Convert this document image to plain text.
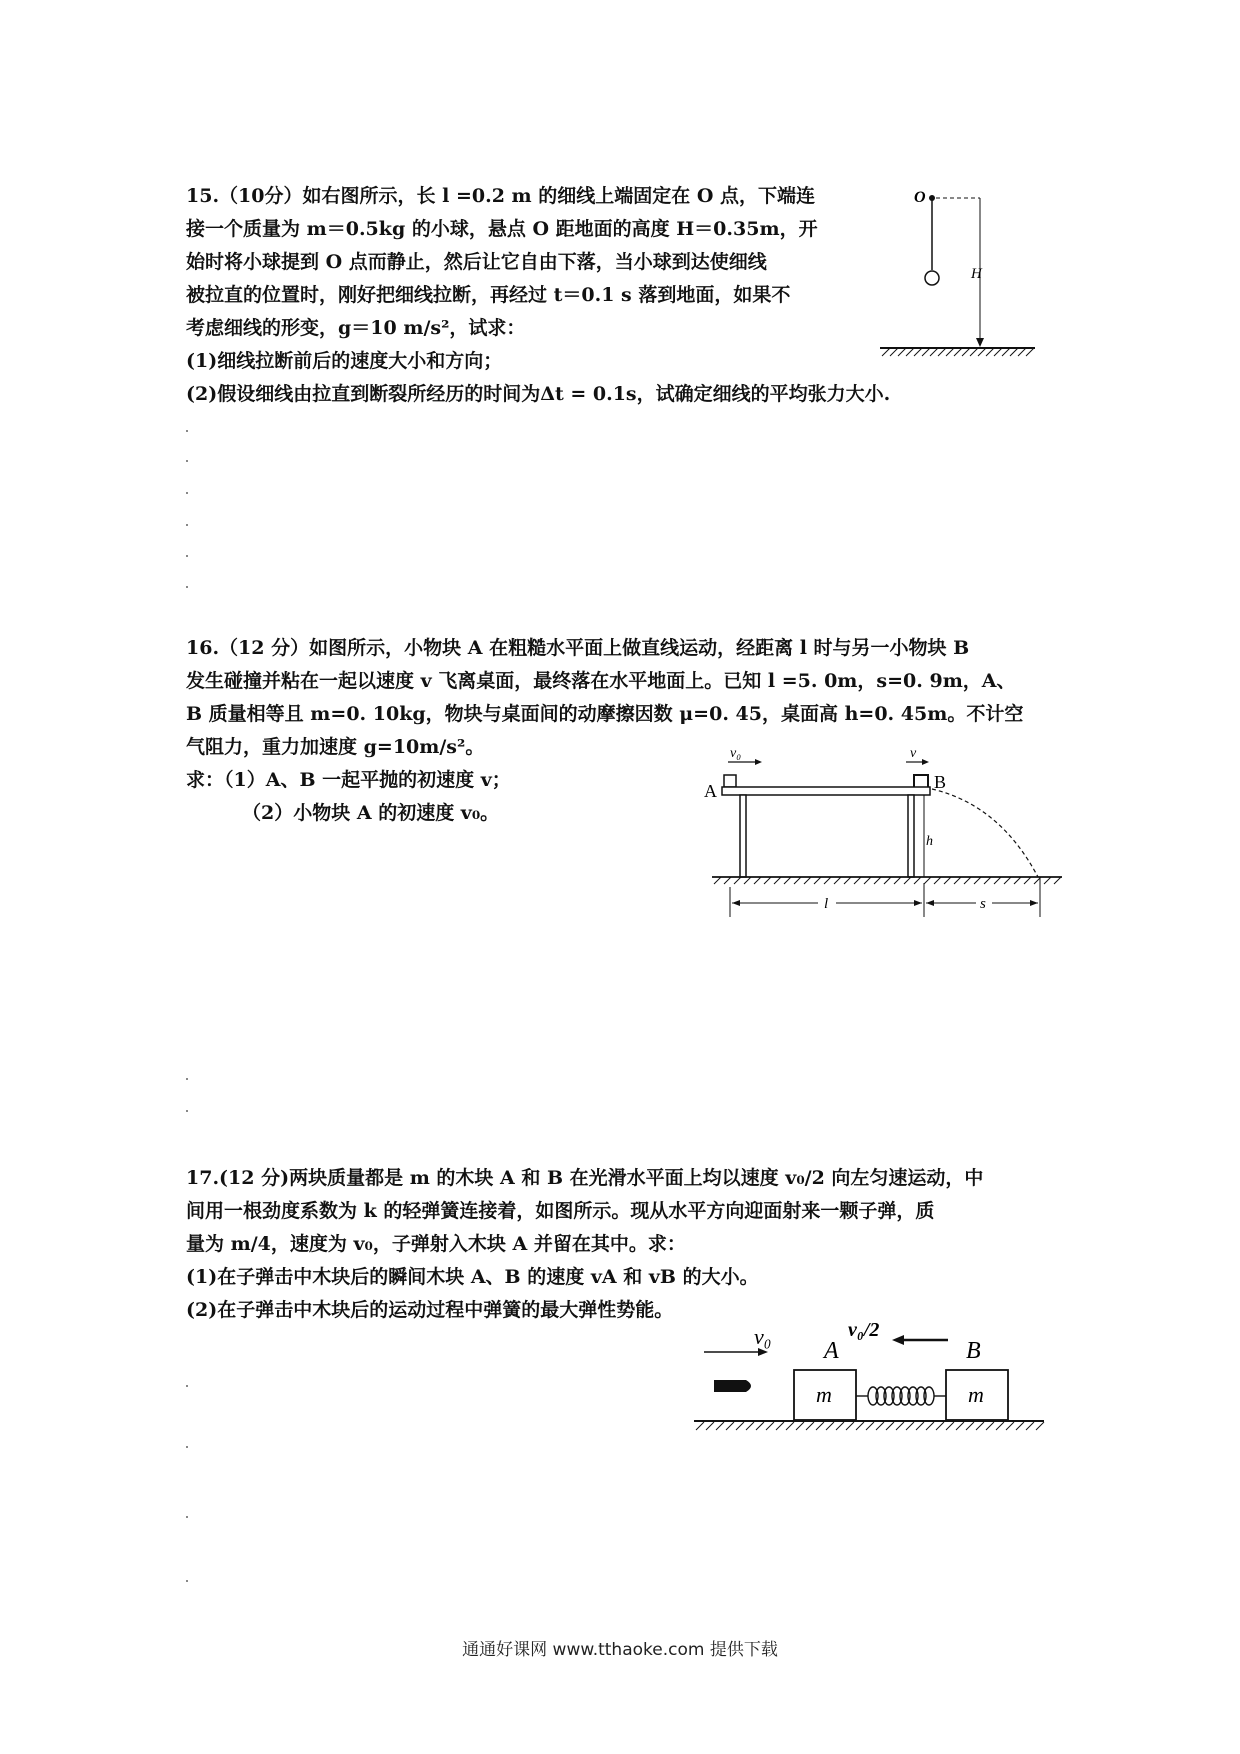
15.（10分）如右图所示，长 l =0.2 m 的细线上端固定在 O 点，下端连

接一个质量为 m＝0.5kg 的小球，悬点 O 距地面的高度 H＝0.35m，开

始时将小球提到 O 点而静止，然后让它自由下落，当小球到达使细线

被拉直的位置时，刚好把细线拉断，再经过 t＝0.1 s 落到地面，如果不

考虑细线的形变，g＝10 m/s²，试求：

(1)细线拉断前后的速度大小和方向；

(2)假设细线由拉直到断裂所经历的时间为Δt = 0.1s，试确定细线的平均张力大小.

O
H

16.（12 分）如图所示，小物块 A 在粗糙水平面上做直线运动，经距离 l 时与另一小物块 B

发生碰撞并粘在一起以速度 v 飞离桌面，最终落在水平地面上。已知 l =5. 0m，s=0. 9m，A、

B 质量相等且 m=0. 10kg，物块与桌面间的动摩擦因数 μ=0. 45，桌面高 h=0. 45m。不计空

气阻力，重力加速度 g=10m/s²。

求：（1）A、B 一起平抛的初速度 v；

（2）小物块 A 的初速度 v₀。

v₀	v
A	B
h
l	s

17.(12 分)两块质量都是 m 的木块 A 和 B 在光滑水平面上均以速度 v₀/2 向左匀速运动，中

间用一根劲度系数为 k 的轻弹簧连接着，如图所示。现从水平方向迎面射来一颗子弹，质

量为 m/4，速度为 v₀，子弹射入木块 A 并留在其中。求：

(1)在子弹击中木块后的瞬间木块 A、B 的速度 vA 和 vB 的大小。

(2)在子弹击中木块后的运动过程中弹簧的最大弹性势能。

v₀	v₀/2
A	B
m	m
通通好课网 www.tthaoke.com 提供下载
